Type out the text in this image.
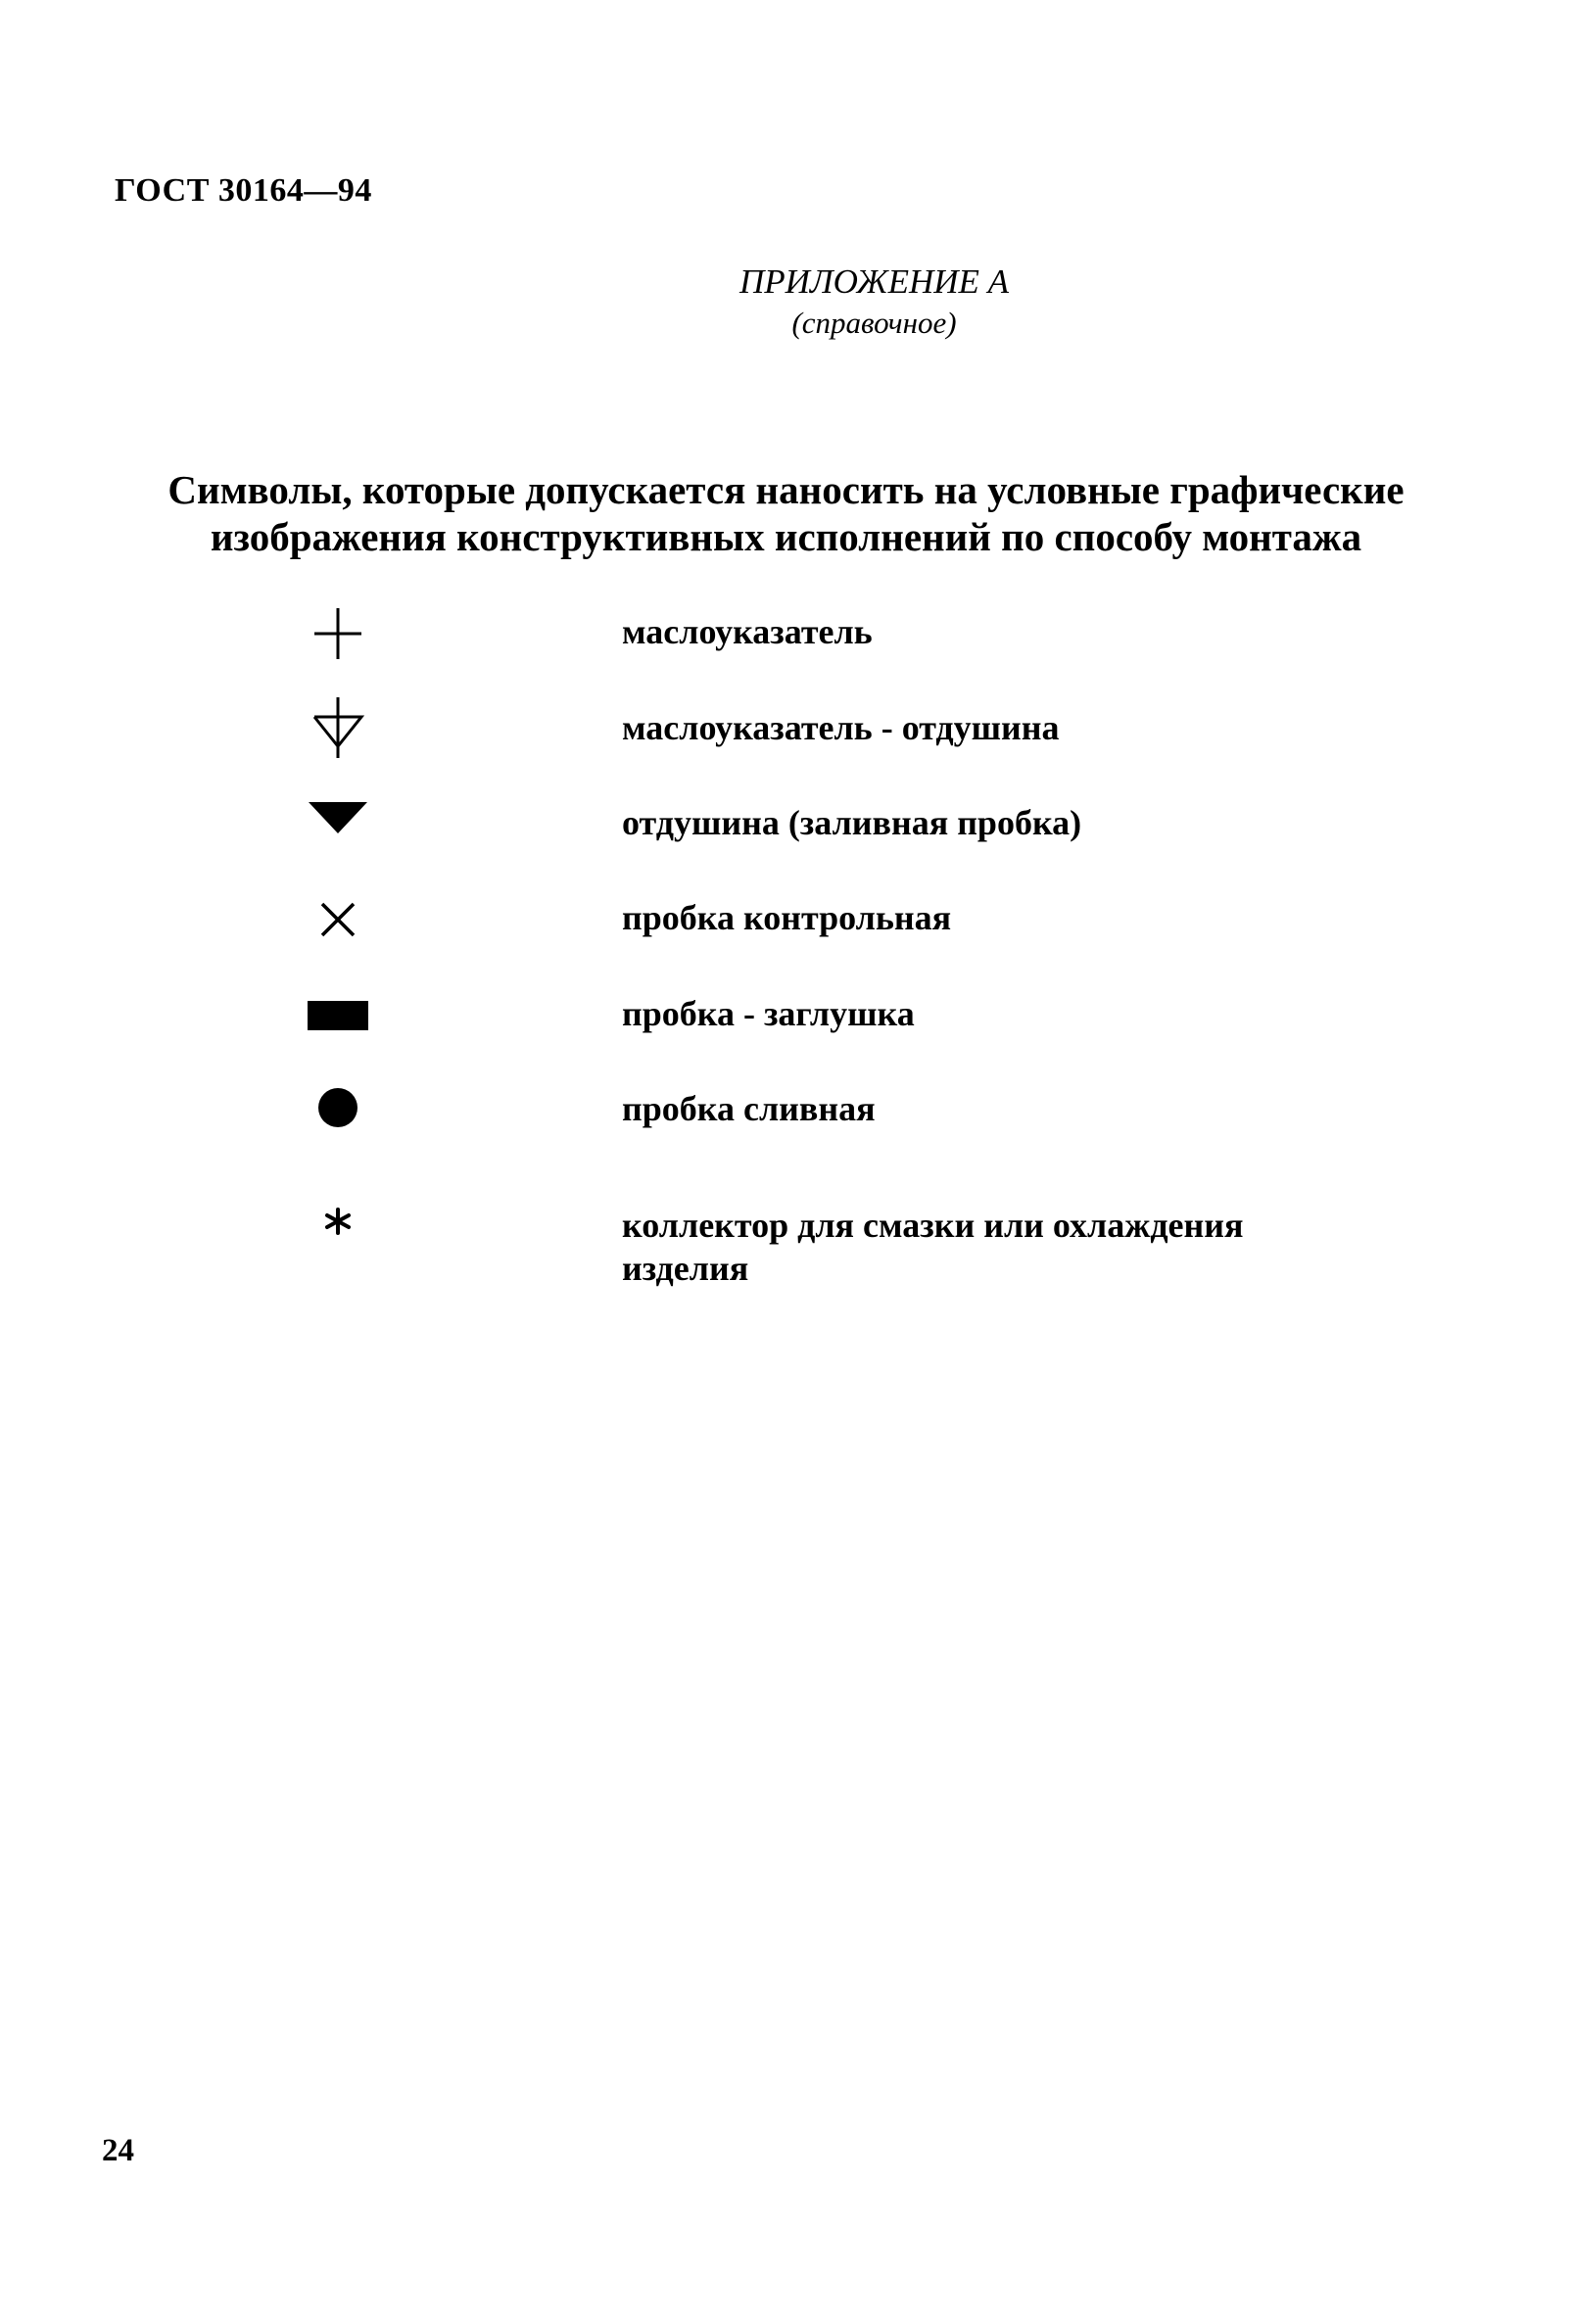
ГОСТ 30164—94
ПРИЛОЖЕНИЕ А
(справочное)
Символы, которые допускается наносить на условные графические
изображения конструктивных исполнений по способу монтажа
маслоуказатель
маслоуказатель - отдушина
отдушина (заливная пробка)
пробка контрольная
пробка - заглушка
пробка сливная
коллектор для смазки или охлаждения изделия
24
